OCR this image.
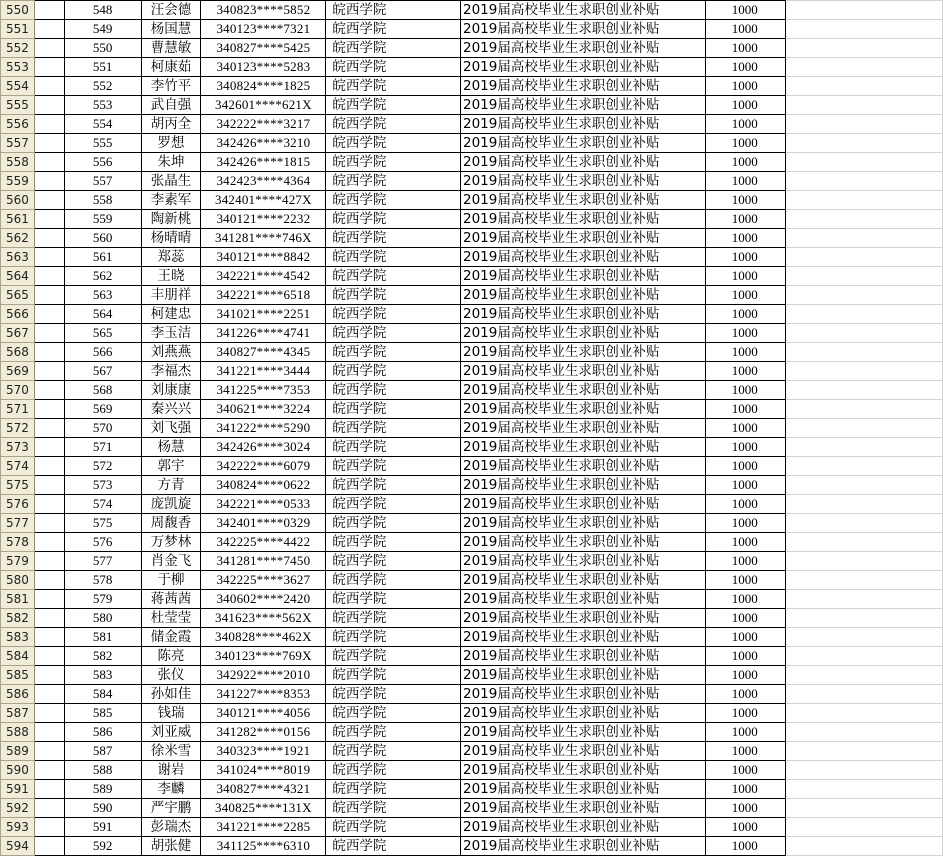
550		548	汪会德	340823****5852	皖西学院	2019届高校毕业生求职创业补贴	1000	
551		549	杨国慧	340123****7321	皖西学院	2019届高校毕业生求职创业补贴	1000	
552		550	曹慧敏	340827****5425	皖西学院	2019届高校毕业生求职创业补贴	1000	
553		551	柯康茹	340123****5283	皖西学院	2019届高校毕业生求职创业补贴	1000	
554		552	李竹平	340824****1825	皖西学院	2019届高校毕业生求职创业补贴	1000	
555		553	武自强	342601****621X	皖西学院	2019届高校毕业生求职创业补贴	1000	
556		554	胡丙全	342222****3217	皖西学院	2019届高校毕业生求职创业补贴	1000	
557		555	罗想	342426****3210	皖西学院	2019届高校毕业生求职创业补贴	1000	
558		556	朱坤	342426****1815	皖西学院	2019届高校毕业生求职创业补贴	1000	
559		557	张晶生	342423****4364	皖西学院	2019届高校毕业生求职创业补贴	1000	
560		558	李素军	342401****427X	皖西学院	2019届高校毕业生求职创业补贴	1000	
561		559	陶新桃	340121****2232	皖西学院	2019届高校毕业生求职创业补贴	1000	
562		560	杨晴晴	341281****746X	皖西学院	2019届高校毕业生求职创业补贴	1000	
563		561	郑蕊	340121****8842	皖西学院	2019届高校毕业生求职创业补贴	1000	
564		562	王晓	342221****4542	皖西学院	2019届高校毕业生求职创业补贴	1000	
565		563	丰朋祥	342221****6518	皖西学院	2019届高校毕业生求职创业补贴	1000	
566		564	柯建忠	341021****2251	皖西学院	2019届高校毕业生求职创业补贴	1000	
567		565	李玉洁	341226****4741	皖西学院	2019届高校毕业生求职创业补贴	1000	
568		566	刘燕燕	340827****4345	皖西学院	2019届高校毕业生求职创业补贴	1000	
569		567	李福杰	341221****3444	皖西学院	2019届高校毕业生求职创业补贴	1000	
570		568	刘康康	341225****7353	皖西学院	2019届高校毕业生求职创业补贴	1000	
571		569	秦兴兴	340621****3224	皖西学院	2019届高校毕业生求职创业补贴	1000	
572		570	刘飞强	341222****5290	皖西学院	2019届高校毕业生求职创业补贴	1000	
573		571	杨慧	342426****3024	皖西学院	2019届高校毕业生求职创业补贴	1000	
574		572	郭宇	342222****6079	皖西学院	2019届高校毕业生求职创业补贴	1000	
575		573	方青	340824****0622	皖西学院	2019届高校毕业生求职创业补贴	1000	
576		574	庞凯旋	342221****0533	皖西学院	2019届高校毕业生求职创业补贴	1000	
577		575	周馥香	342401****0329	皖西学院	2019届高校毕业生求职创业补贴	1000	
578		576	万梦林	342225****4422	皖西学院	2019届高校毕业生求职创业补贴	1000	
579		577	肖金飞	341281****7450	皖西学院	2019届高校毕业生求职创业补贴	1000	
580		578	于柳	342225****3627	皖西学院	2019届高校毕业生求职创业补贴	1000	
581		579	蒋茜茜	340602****2420	皖西学院	2019届高校毕业生求职创业补贴	1000	
582		580	杜莹莹	341623****562X	皖西学院	2019届高校毕业生求职创业补贴	1000	
583		581	储金霞	340828****462X	皖西学院	2019届高校毕业生求职创业补贴	1000	
584		582	陈亮	340123****769X	皖西学院	2019届高校毕业生求职创业补贴	1000	
585		583	张仪	342922****2010	皖西学院	2019届高校毕业生求职创业补贴	1000	
586		584	孙如佳	341227****8353	皖西学院	2019届高校毕业生求职创业补贴	1000	
587		585	钱瑞	340121****4056	皖西学院	2019届高校毕业生求职创业补贴	1000	
588		586	刘亚威	341282****0156	皖西学院	2019届高校毕业生求职创业补贴	1000	
589		587	徐米雪	340323****1921	皖西学院	2019届高校毕业生求职创业补贴	1000	
590		588	谢岩	341024****8019	皖西学院	2019届高校毕业生求职创业补贴	1000	
591		589	李麟	340827****4321	皖西学院	2019届高校毕业生求职创业补贴	1000	
592		590	严宇鹏	340825****131X	皖西学院	2019届高校毕业生求职创业补贴	1000	
593		591	彭瑞杰	341221****2285	皖西学院	2019届高校毕业生求职创业补贴	1000	
594		592	胡张健	341125****6310	皖西学院	2019届高校毕业生求职创业补贴	1000	
